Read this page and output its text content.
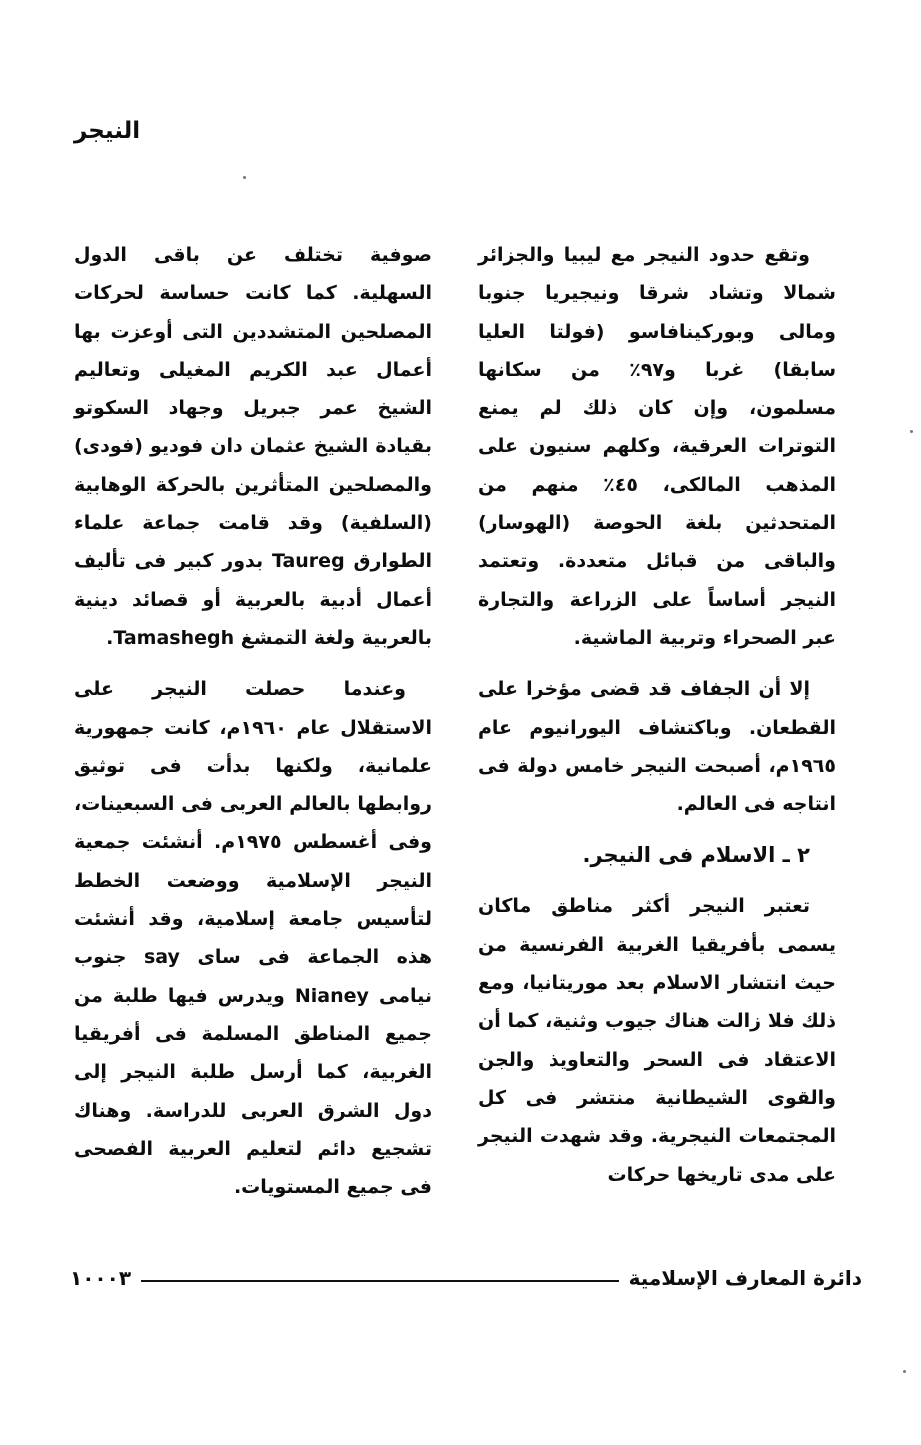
النيجر

وتقع حدود النيجر مع ليبيا والجزائر شمالا وتشاد شرقا ونيجيريا جنوبا ومالى وبوركينافاسو (فولتا العليا سابقا) غربا و٩٧٪ من سكانها مسلمون، وإن كان ذلك لم يمنع التوترات العرقية، وكلهم سنيون على المذهب المالكى، ٤٥٪ منهم من المتحدثين بلغة الحوصة (الهوسار) والباقى من قبائل متعددة. وتعتمد النيجر أساساً على الزراعة والتجارة عبر الصحراء وتربية الماشية.

إلا أن الجفاف قد قضى مؤخرا على القطعان. وباكتشاف اليورانيوم عام ١٩٦٥م، أصبحت النيجر خامس دولة فى انتاجه فى العالم.

٢ ـ الاسلام فى النيجر.

تعتبر النيجر أكثر مناطق ماكان يسمى بأفريقيا الغربية الفرنسية من حيث انتشار الاسلام بعد موريتانيا، ومع ذلك فلا زالت هناك جيوب وثنية، كما أن الاعتقاد فى السحر والتعاويذ والجن والقوى الشيطانية منتشر فى كل المجتمعات النيجرية. وقد شهدت النيجر على مدى تاريخها حركات

صوفية تختلف عن باقى الدول السهلية. كما كانت حساسة لحركات المصلحين المتشددين التى أوعزت بها أعمال عبد الكريم المغيلى وتعاليم الشيخ عمر جبريل وجهاد السكوتو بقيادة الشيخ عثمان دان فوديو (فودى) والمصلحين المتأثرين بالحركة الوهابية (السلفية) وقد قامت جماعة علماء الطوارق Taureg بدور كبير فى تأليف أعمال أدبية بالعربية أو قصائد دينية بالعربية ولغة التمشغ Tamashegh.

وعندما حصلت النيجر على الاستقلال عام ١٩٦٠م، كانت جمهورية علمانية، ولكنها بدأت فى توثيق روابطها بالعالم العربى فى السبعينات، وفى أغسطس ١٩٧٥م. أنشئت جمعية النيجر الإسلامية ووضعت الخطط لتأسيس جامعة إسلامية، وقد أنشئت هذه الجماعة فى ساى say جنوب نيامى Nianey ويدرس فيها طلبة من جميع المناطق المسلمة فى أفريقيا الغربية، كما أرسل طلبة النيجر إلى دول الشرق العربى للدراسة. وهناك تشجيع دائم لتعليم العربية الفصحى فى جميع المستويات.

دائرة المعارف الإسلامية
١٠٠٠٣
